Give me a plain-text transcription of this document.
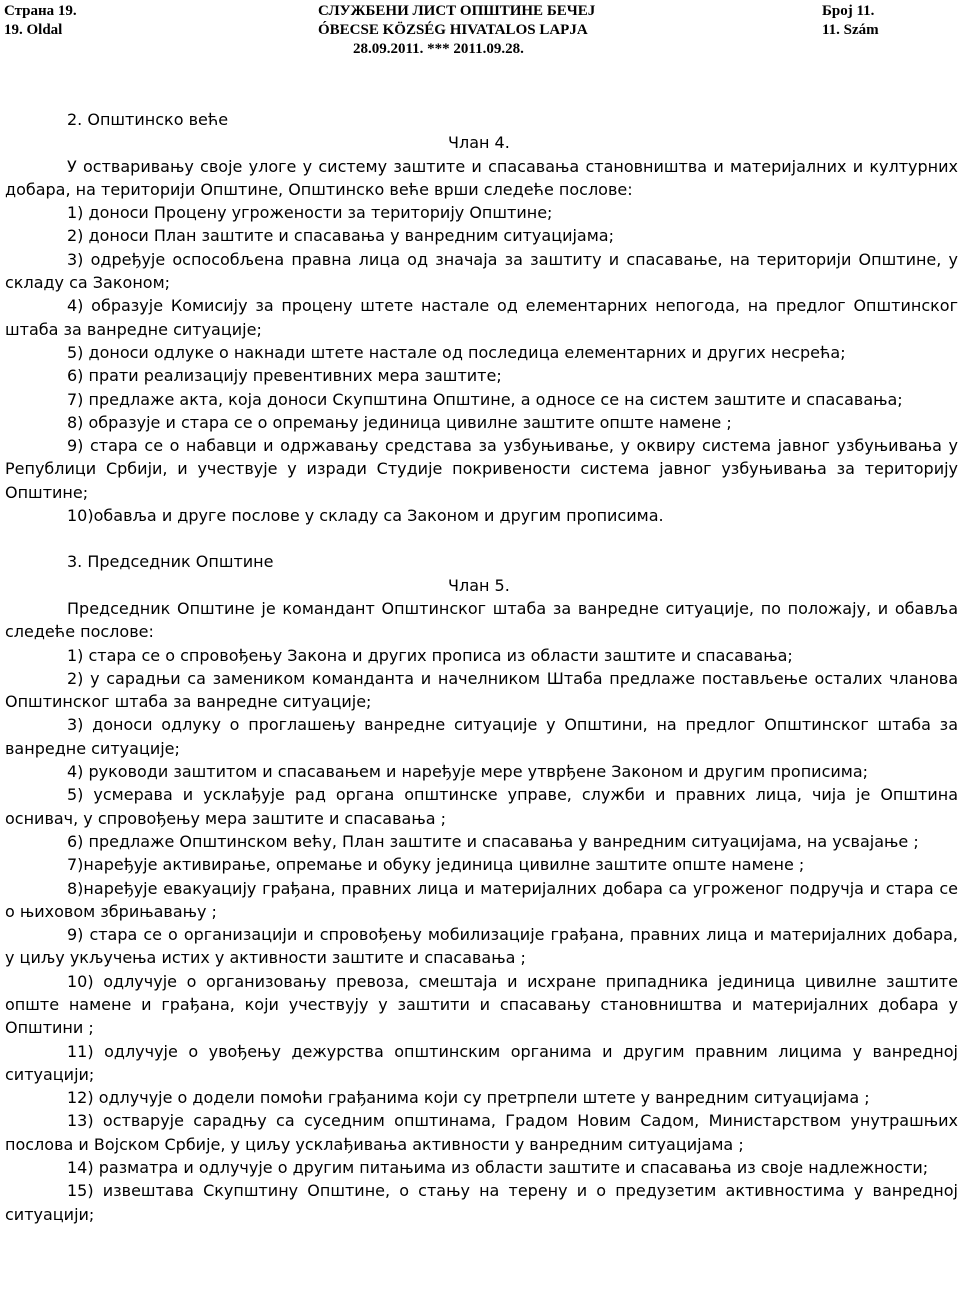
Страна 19.
19. Oldal
СЛУЖБЕНИ ЛИСТ ОПШТИНЕ БЕЧЕЈ
ÓBECSE KÖZSÉG HIVATALOS LAPJA
28.09.2011. *** 2011.09.28.
Број 11.
11. Szám

2. Општинско веће

Члан 4.

У остваривању своје улоге у систему заштите и спасавања становништва и материјалних и културних добара, на територији Општине, Општинско веће врши следеће послове:

1) доноси Процену угрожености за територију Општине;

2) доноси План заштите и спасавања у ванредним ситуацијама;

3) одређује оспособљена правна лица од значаја за заштиту и спасавање, на територији Општине, у складу са Законом;

4) образује Комисију за процену штете настале од елементарних непогода, на предлог Општинског штаба за ванредне ситуације;

5) доноси одлуке о накнади штете настале од последица елементарних и других несрећа;

6) прати реализацију превентивних мера заштите;

7) предлаже акта, која доноси Скупштина Општине, а односе се на систем заштите и спасавања;

8) образује и стара се о опремању јединица цивилне заштите опште намене ;

9) стара се о набавци и одржавању средстава за узбуњивање, у оквиру система јавног узбуњивања у Републици Србији, и учествује у изради Студије покривености система јавног узбуњивања за територију Општине;

10)обавља и друге послове у складу са Законом и другим прописима.

3. Председник Општине

Члан 5.

Председник Општине је командант Општинског штаба за ванредне ситуације, по положају, и обавља следеће послове:

1) стара се о спровођењу Закона и других прописа из области заштите и спасавања;

2) у сарадњи са замеником команданта и начелником Штаба предлаже постављење осталих чланова Општинског штаба за ванредне ситуације;

3) доноси одлуку о проглашењу ванредне ситуације у Општини, на предлог Општинског штаба за ванредне ситуације;

4) руководи заштитом и спасавањем и наређује мере утврђене Законом и другим прописима;

5) усмерава и усклађује рад органа општинске управе, служби и правних лица, чија је Општина оснивач, у спровођењу мера заштите и спасавања ;

6) предлаже Општинском већу, План заштите и спасавања у ванредним ситуацијама, на усвајање ;

7)наређује активирање, опремање и обуку јединица цивилне заштите опште намене ;

8)наређује евакуацију грађана, правних лица и материјалних добара са угроженог подручја и стара се о њиховом збрињавању ;

9) стара се о организацији и спровођењу мобилизације грађана, правних лица и материјалних добара, у циљу укључења истих у активности заштите и спасавања ;

10) одлучује о организовању превоза, смештаја и исхране припадника јединица цивилне заштите опште намене и грађана, који учествују у заштити и спасавању становништва и материјалних добара у Општини ;

11) одлучује о увођењу дежурства општинским органима и другим правним лицима у ванредној ситуацији;

12) одлучује о додели помоћи грађанима који су претрпели штете у ванредним ситуацијама ;

13) остварује сарадњу са суседним општинама, Градом Новим Садом, Министарством унутрашњих послова и Војском Србије, у циљу усклађивања активности у ванредним ситуацијама ;

14) разматра и одлучује о другим питањима из области заштите и спасавања из своје надлежности;

15) извештава Скупштину Општине, о стању на терену и о предузетим активностима у ванредној ситуацији;
